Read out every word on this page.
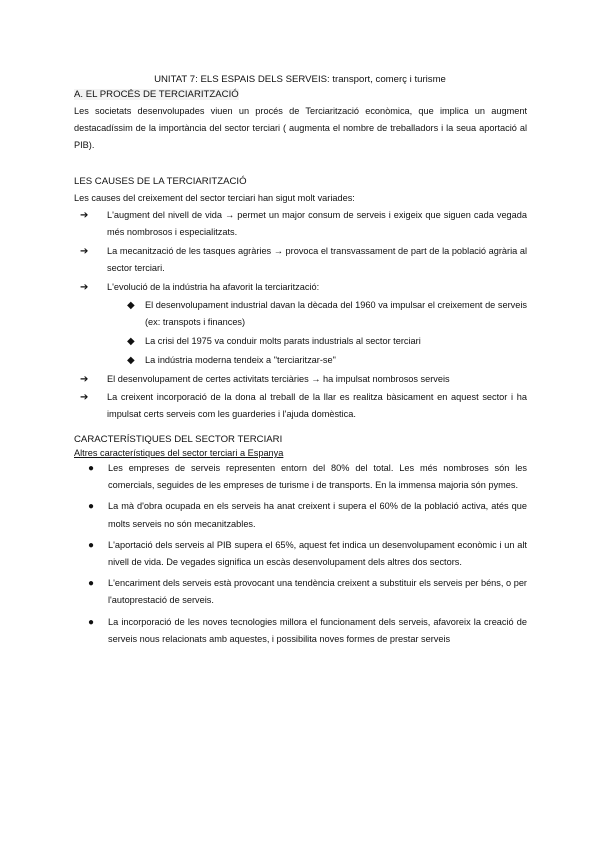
UNITAT 7: ELS ESPAIS DELS SERVEIS: transport, comerç i turisme
A. EL PROCÉS DE TERCIARITZACIÓ
Les societats desenvolupades viuen un procés de Terciarització econòmica, que implica un augment destacadíssim de la importància del sector terciari ( augmenta el nombre de treballadors i la seua aportació al PIB).
LES CAUSES DE LA TERCIARITZACIÓ
Les causes del creixement del sector terciari han sigut molt variades:
➔ L'augment del nivell de vida → permet un major consum de serveis i exigeix que siguen cada vegada més nombrosos i especialitzats.
➔ La mecanització de les tasques agràries → provoca el transvassament de part de la població agrària al sector terciari.
➔ L'evolució de la indústria ha afavorit la terciarització:
◆ El desenvolupament industrial davan la dècada del 1960 va impulsar el creixement de serveis (ex: transpots i finances)
◆ La crisi del 1975 va conduir molts parats industrials al sector terciari
◆ La indústria moderna tendeix a "terciaritzar-se"
➔ El desenvolupament de certes activitats terciàries → ha impulsat nombrosos serveis
➔ La creixent incorporació de la dona al treball de la llar es realitza bàsicament en aquest sector i ha impulsat certs serveis com les guarderies i l'ajuda domèstica.
CARACTERÍSTIQUES DEL SECTOR TERCIARI
Altres característiques del sector terciari a Espanya
● Les empreses de serveis representen entorn del 80% del total. Les més nombroses són les comercials, seguides de les empreses de turisme i de transports. En la immensa majoria són pymes.
● La mà d'obra ocupada en els serveis ha anat creixent i supera el 60% de la població activa, atés que molts serveis no són mecanitzables.
● L'aportació dels serveis al PIB supera el 65%, aquest fet indica un desenvolupament econòmic i un alt nivell de vida. De vegades significa un escàs desenvolupament dels altres dos sectors.
● L'encariment dels serveis està provocant una tendència creixent a substituir els serveis per béns, o per l'autoprestació de serveis.
● La incorporació de les noves tecnologies millora el funcionament dels serveis, afavoreix la creació de serveis nous relacionats amb aquestes, i possibilita noves formes de prestar serveis
